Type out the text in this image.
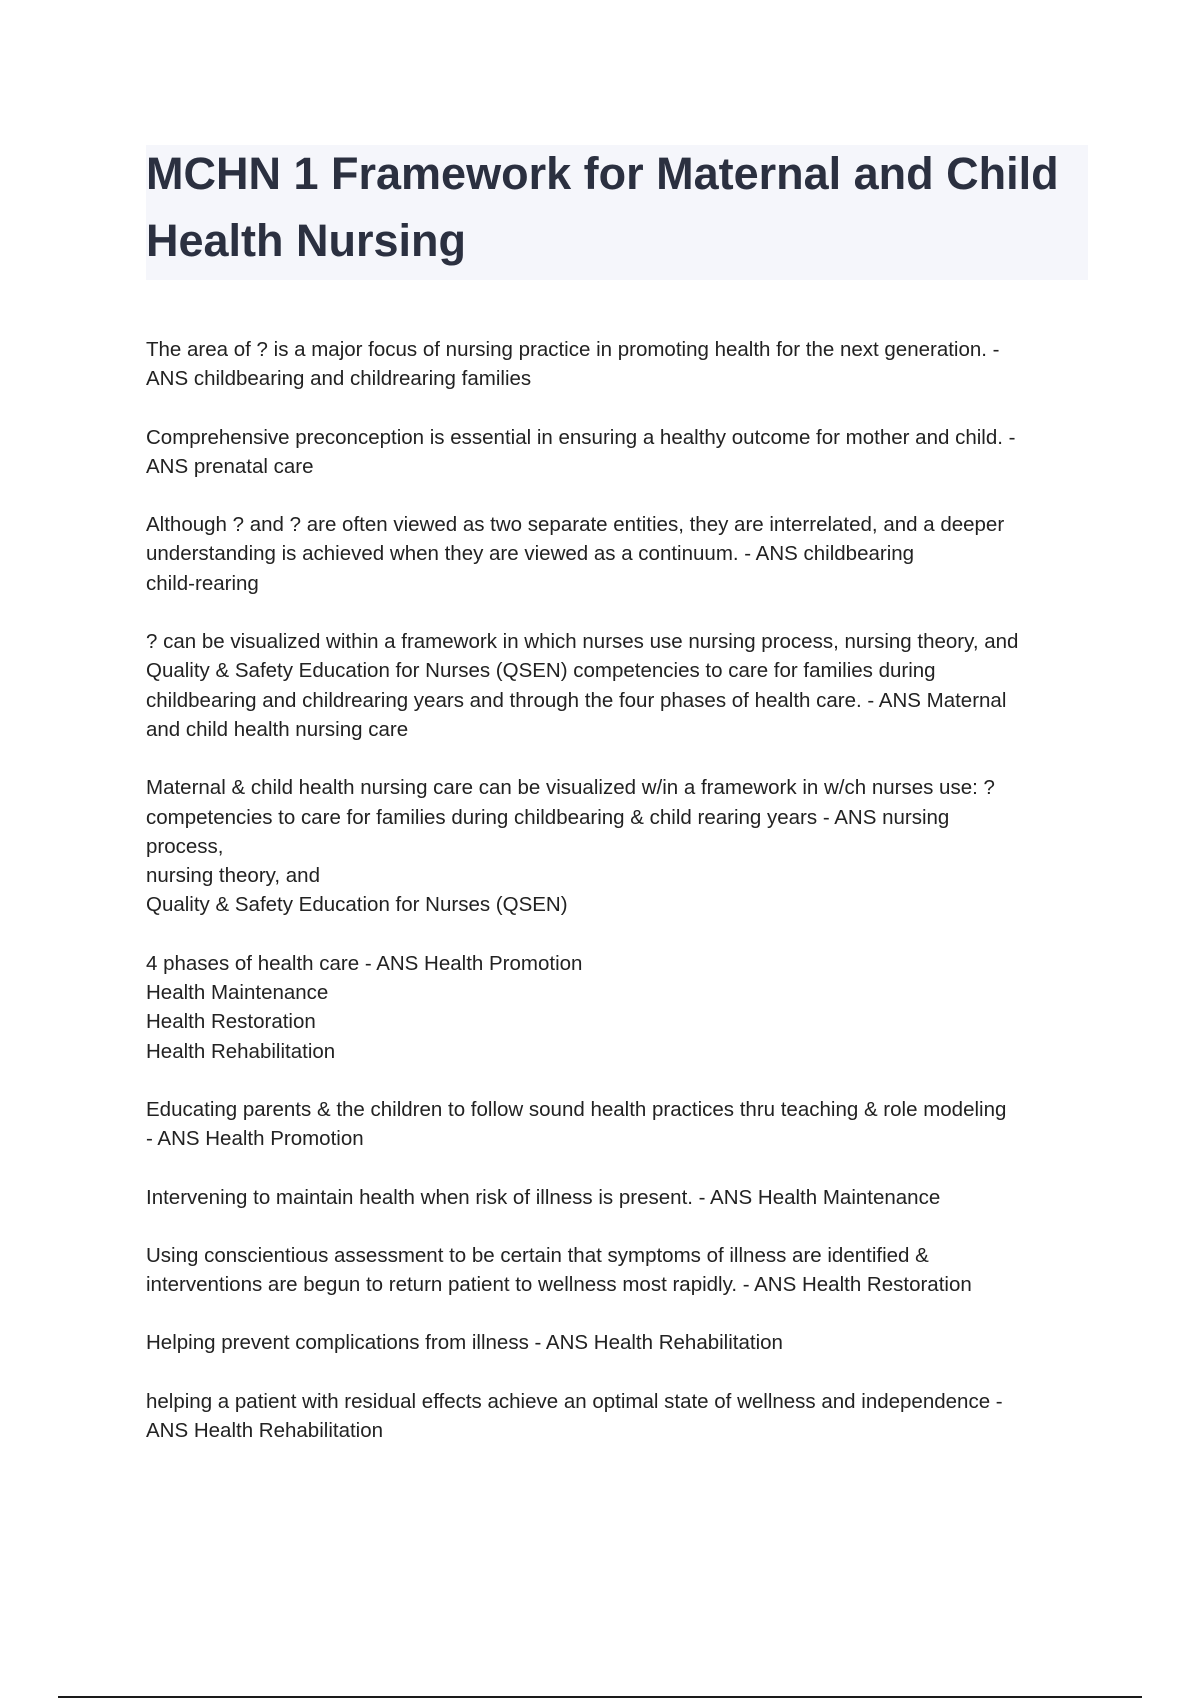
MCHN 1 Framework for Maternal and Child
Health Nursing

The area of ? is a major focus of nursing practice in promoting health for the next generation. -
ANS childbearing and childrearing families

Comprehensive preconception is essential in ensuring a healthy outcome for mother and child. -
ANS prenatal care

Although ? and ? are often viewed as two separate entities, they are interrelated, and a deeper
understanding is achieved when they are viewed as a continuum. - ANS childbearing
child-rearing

? can be visualized within a framework in which nurses use nursing process, nursing theory, and
Quality & Safety Education for Nurses (QSEN) competencies to care for families during
childbearing and childrearing years and through the four phases of health care. - ANS Maternal
and child health nursing care

Maternal & child health nursing care can be visualized w/in a framework in w/ch nurses use: ?
competencies to care for families during childbearing & child rearing years - ANS nursing
process,
nursing theory, and
Quality & Safety Education for Nurses (QSEN)

4 phases of health care - ANS Health Promotion
Health Maintenance
Health Restoration
Health Rehabilitation

Educating parents & the children to follow sound health practices thru teaching & role modeling
- ANS Health Promotion

Intervening to maintain health when risk of illness is present. - ANS Health Maintenance

Using conscientious assessment to be certain that symptoms of illness are identified &
interventions are begun to return patient to wellness most rapidly. - ANS Health Restoration

Helping prevent complications from illness - ANS Health Rehabilitation

helping a patient with residual effects achieve an optimal state of wellness and independence -
ANS Health Rehabilitation
